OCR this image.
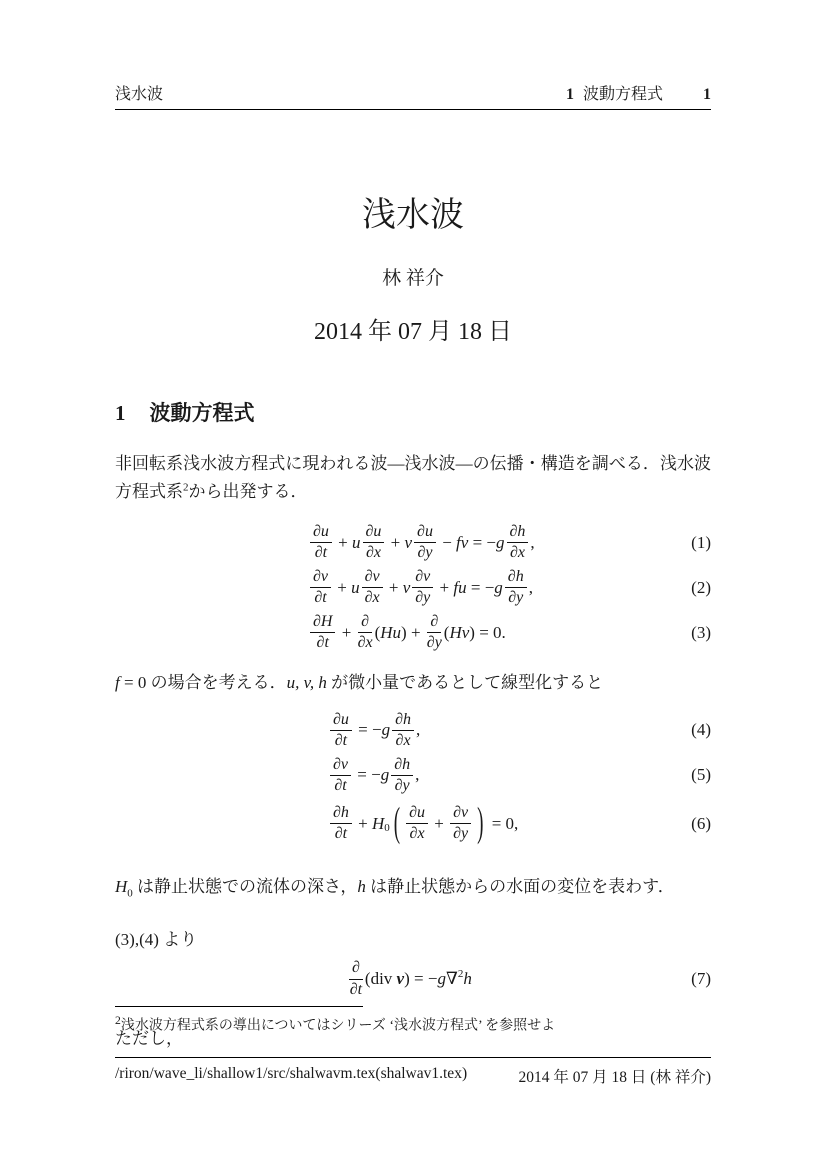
浅水波	1 波動方程式	1
浅水波
林 祥介
2014 年 07 月 18 日
1 波動方程式

非回転系浅水波方程式に現われる波—浅水波—の伝播・構造を調べる．浅水波方程式系$^2$から出発する．

$\frac{\partial u}{\partial t} + u \frac{\partial u}{\partial x} + v \frac{\partial u}{\partial y}$ − fv = − g $\frac{\partial h}{\partial x}$ ,	(1)
$\frac{\partial v}{\partial t} + u \frac{\partial v}{\partial x} + v \frac{\partial v}{\partial y}$ + fu = − g $\frac{\partial h}{\partial y}$ ,	(2)
$\frac{\partial H}{\partial t} + \frac{\partial}{\partial x}$ ( Hu ) + $\frac{\partial}{\partial y}$ ( Hv ) = 0.	(3)

f = 0 の場合を考える．u, v, h が微小量であるとして線型化すると

$\frac{\partial u}{\partial t}$ = − g $\frac{\partial h}{\partial x}$ ,	(4)
$\frac{\partial v}{\partial t}$ = − g $\frac{\partial h}{\partial y}$ ,	(5)
$\frac{\partial h}{\partial t} + H_0$ ( $\frac{\partial u}{\partial x} + \frac{\partial v}{\partial y}$ ) = 0,	(6)

$H_0$ は静止状態での流体の深さ，h は静止状態からの水面の変位を表わす．

(3),(4) より

$\frac{\partial}{\partial t} (div$ v ) = − g ∇$^2$ h	(7)

ただし，

$^2$浅水波方程式系の導出についてはシリーズ ‘浅水波方程式’ を参照せよ
/riron/wave_li/shallow1/src/shalwavm.tex(shalwav1.tex)	2014 年 07 月 18 日 (林 祥介)
